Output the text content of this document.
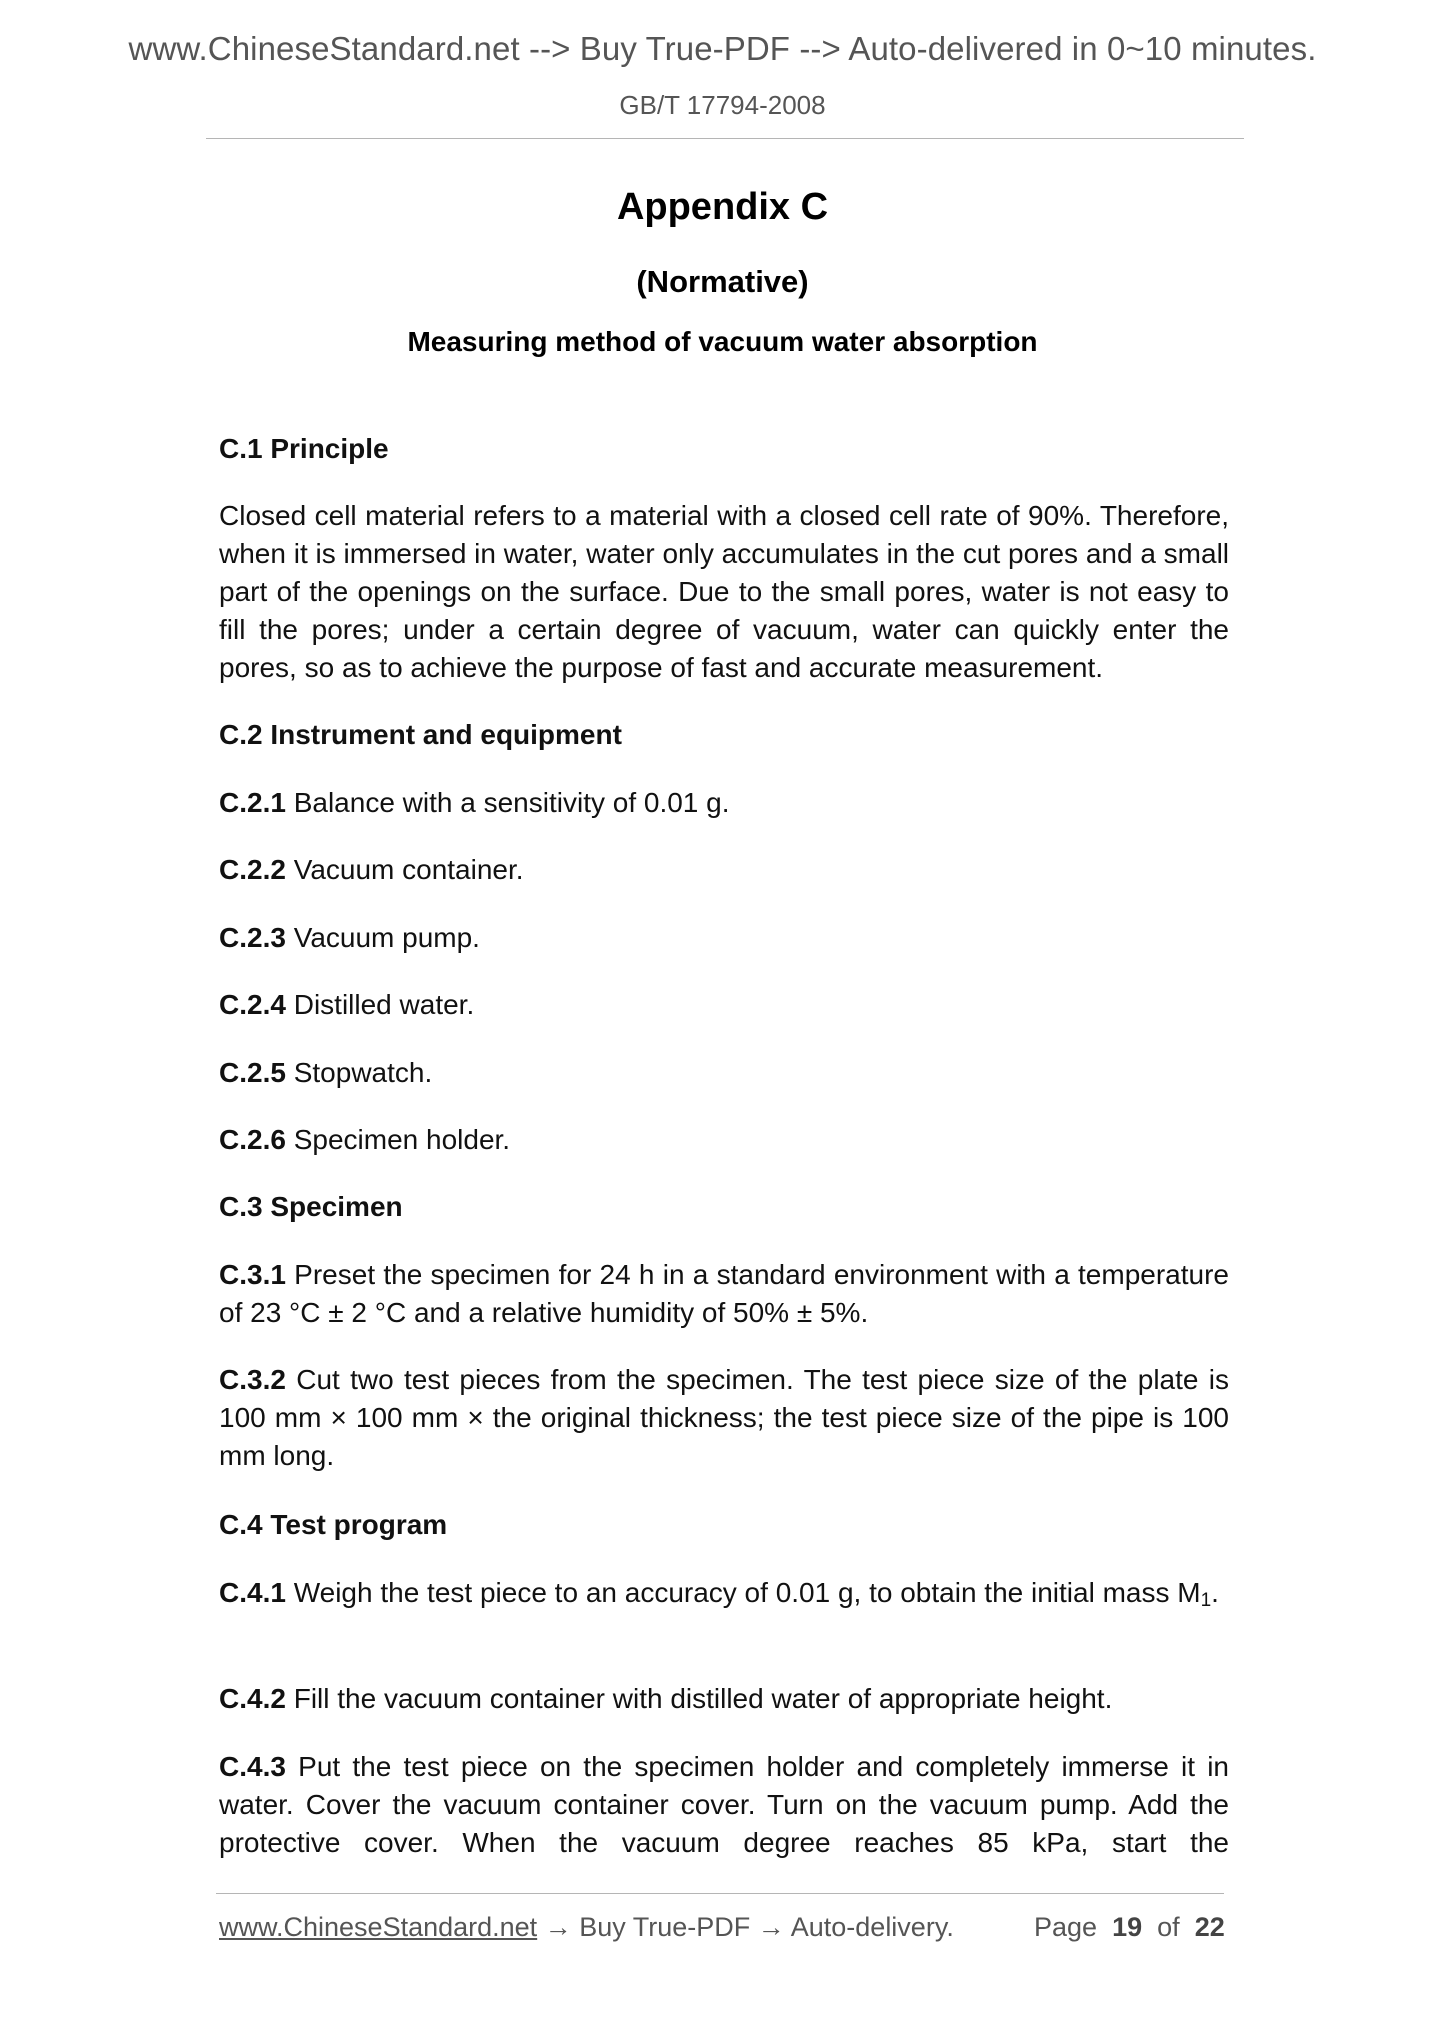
www.ChineseStandard.net --> Buy True-PDF --> Auto-delivered in 0~10 minutes.
GB/T 17794-2008
Appendix C
(Normative)
Measuring method of vacuum water absorption
C.1 Principle
Closed cell material refers to a material with a closed cell rate of 90%. Therefore, when it is immersed in water, water only accumulates in the cut pores and a small part of the openings on the surface. Due to the small pores, water is not easy to fill the pores; under a certain degree of vacuum, water can quickly enter the pores, so as to achieve the purpose of fast and accurate measurement.
C.2 Instrument and equipment
C.2.1 Balance with a sensitivity of 0.01 g.
C.2.2 Vacuum container.
C.2.3 Vacuum pump.
C.2.4 Distilled water.
C.2.5 Stopwatch.
C.2.6 Specimen holder.
C.3 Specimen
C.3.1 Preset the specimen for 24 h in a standard environment with a temperature of 23 °C ± 2 °C and a relative humidity of 50% ± 5%.
C.3.2 Cut two test pieces from the specimen. The test piece size of the plate is 100 mm × 100 mm × the original thickness; the test piece size of the pipe is 100 mm long.
C.4 Test program
C.4.1 Weigh the test piece to an accuracy of 0.01 g, to obtain the initial mass $M_1$.
C.4.2 Fill the vacuum container with distilled water of appropriate height.
C.4.3 Put the test piece on the specimen holder and completely immerse it in water. Cover the vacuum container cover. Turn on the vacuum pump. Add the protective cover. When the vacuum degree reaches 85 kPa, start the
www.ChineseStandard.net → Buy True-PDF → Auto-delivery.	Page 19 of 22
